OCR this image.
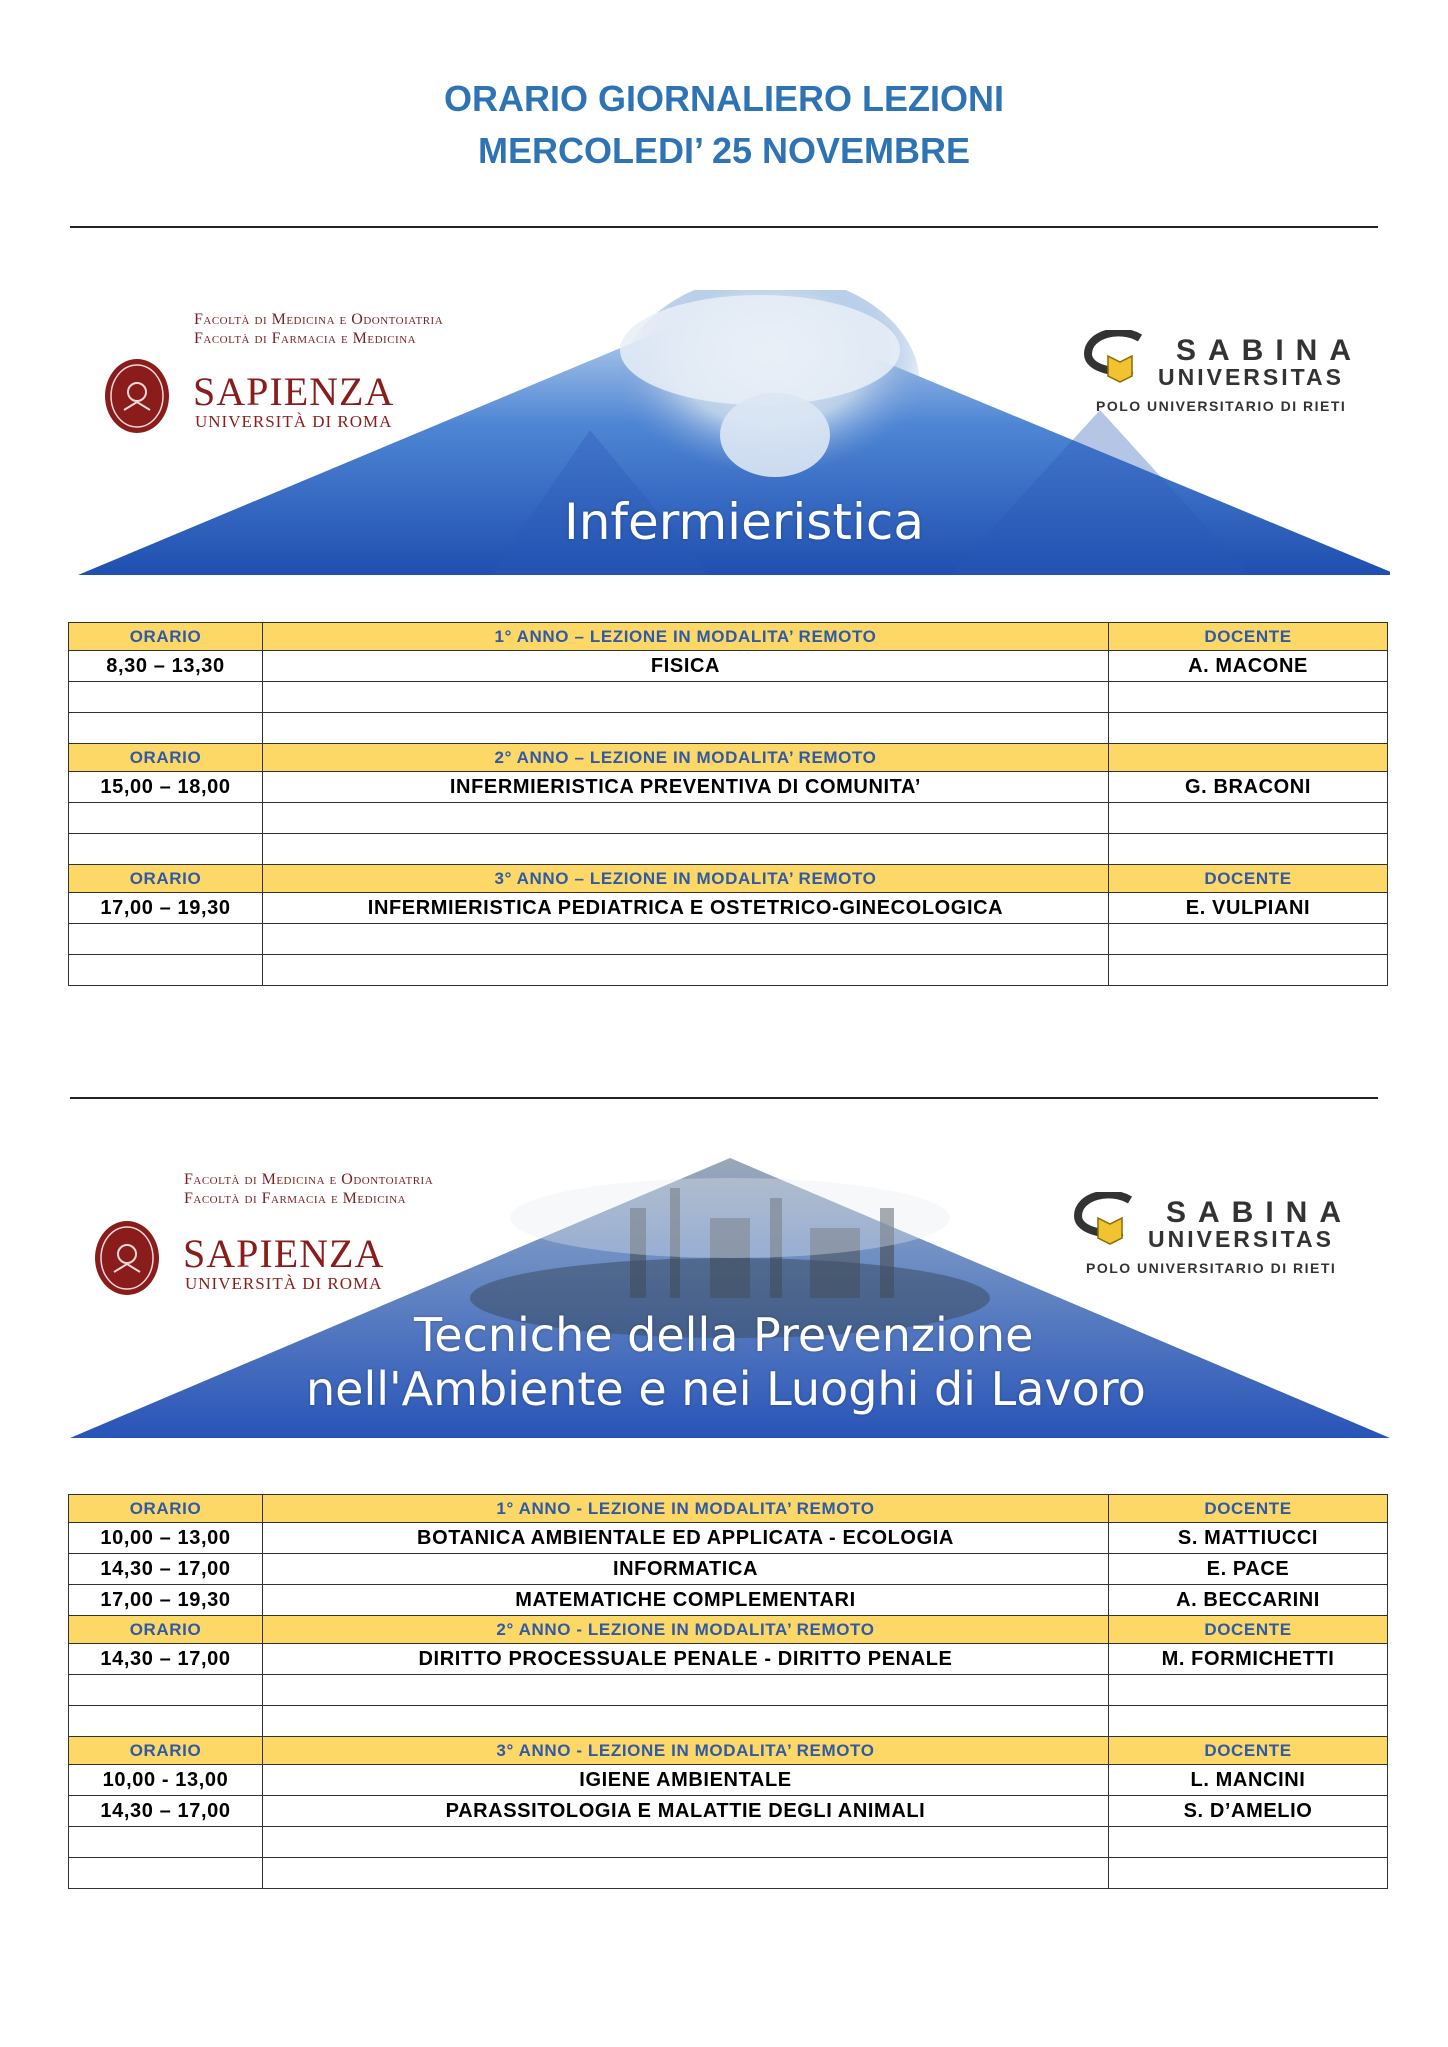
ORARIO GIORNALIERO LEZIONI
MERCOLEDI’ 25 NOVEMBRE
Facoltà di Medicina e Odontoiatria
Facoltà di Farmacia e Medicina
SAPIENZA
UNIVERSITÀ DI ROMA
SABINA
UNIVERSITAS
POLO UNIVERSITARIO DI RIETI
Infermieristica
ORARIO	1° ANNO – LEZIONE IN MODALITA’ REMOTO	DOCENTE
8,30 – 13,30	FISICA	A. MACONE

ORARIO	2° ANNO – LEZIONE IN MODALITA’ REMOTO	
15,00 – 18,00	INFERMIERISTICA PREVENTIVA DI COMUNITA’	G. BRACONI

ORARIO	3° ANNO – LEZIONE IN MODALITA’ REMOTO	DOCENTE
17,00 – 19,30	INFERMIERISTICA PEDIATRICA E OSTETRICO-GINECOLOGICA	E. VULPIANI

Facoltà di Medicina e Odontoiatria
Facoltà di Farmacia e Medicina
SAPIENZA
UNIVERSITÀ DI ROMA
SABINA
UNIVERSITAS
POLO UNIVERSITARIO DI RIETI
Tecniche della Prevenzione
nell'Ambiente e nei Luoghi di Lavoro
ORARIO	1° ANNO - LEZIONE IN MODALITA’ REMOTO	DOCENTE
10,00 – 13,00	BOTANICA AMBIENTALE ED APPLICATA - ECOLOGIA	S. MATTIUCCI
14,30 – 17,00	INFORMATICA	E. PACE
17,00 – 19,30	MATEMATICHE COMPLEMENTARI	A. BECCARINI
ORARIO	2° ANNO - LEZIONE IN MODALITA’ REMOTO	DOCENTE
14,30 – 17,00	DIRITTO PROCESSUALE PENALE - DIRITTO PENALE	M. FORMICHETTI

ORARIO	3° ANNO - LEZIONE IN MODALITA’ REMOTO	DOCENTE
10,00 - 13,00	IGIENE AMBIENTALE	L. MANCINI
14,30 – 17,00	PARASSITOLOGIA E MALATTIE DEGLI ANIMALI	S. D’AMELIO
